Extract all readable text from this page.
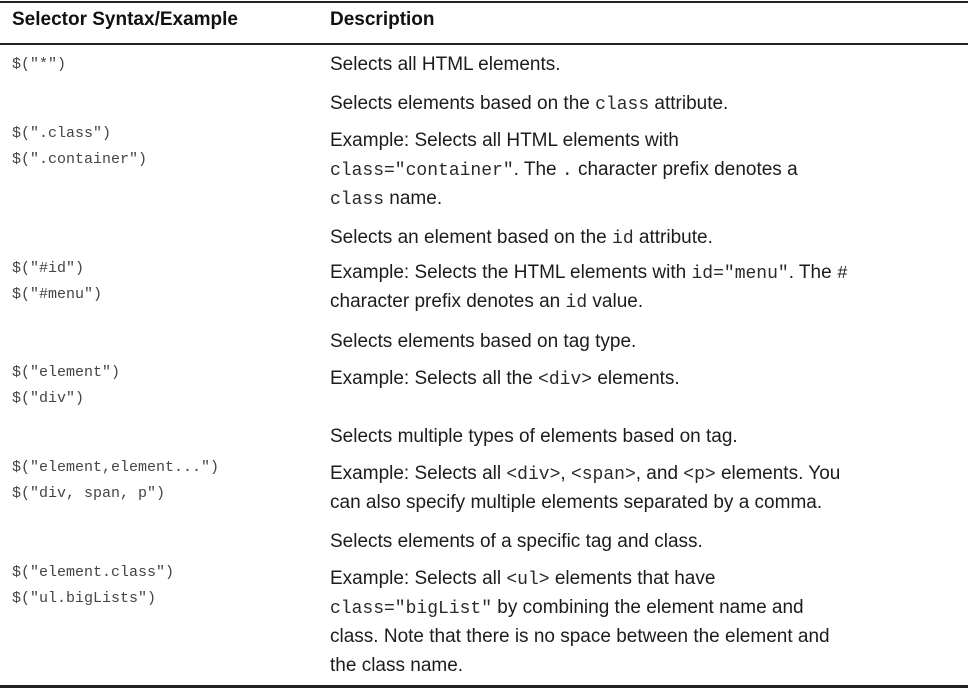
Selector Syntax/Example	Description
$("*")	Selects all HTML elements.
Selects elements based on the class attribute.
$(".class")
$(".container")
Example: Selects all HTML elements with
class="container". The . character prefix denotes a
class name.
Selects an element based on the id attribute.
$("#id")
$("#menu")
Example: Selects the HTML elements with id="menu". The #
character prefix denotes an id value.
Selects elements based on tag type.
$("element")
$("div")
Example: Selects all the <div> elements.
Selects multiple types of elements based on tag.
$("element,element...")
$("div, span, p")
Example: Selects all <div>, <span>, and <p> elements. You
can also specify multiple elements separated by a comma.
Selects elements of a specific tag and class.
$("element.class")
$("ul.bigLists")
Example: Selects all <ul> elements that have
class="bigList" by combining the element name and
class. Note that there is no space between the element and
the class name.
